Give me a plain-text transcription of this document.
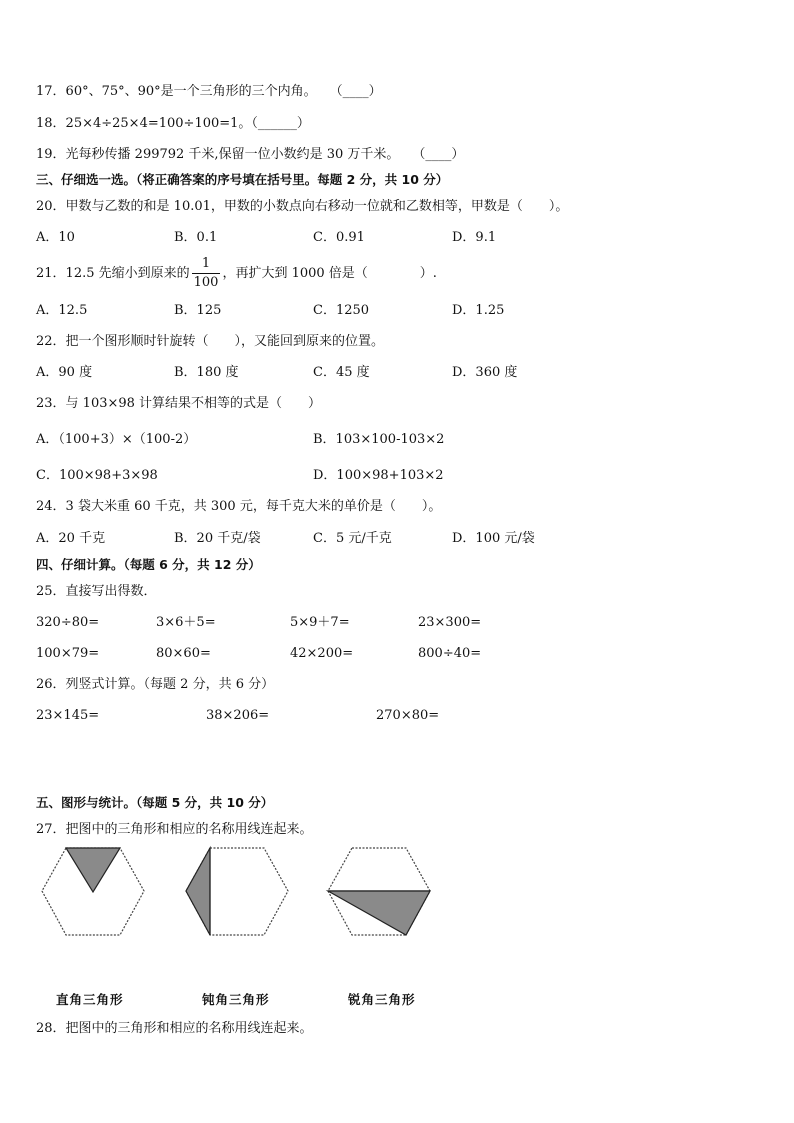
17．60°、75°、90°是一个三角形的三个内角。　　（____）
18．25×4÷25×4=100÷100=1。（______）
19．光每秒传播 299792 千米,保留一位小数约是 30 万千米。　　（____）
三、仔细选一选。（将正确答案的序号填在括号里。每题 2 分，共 10 分）
20．甲数与乙数的和是 10.01，甲数的小数点向右移动一位就和乙数相等，甲数是（　　）。
A．10	B．0.1	C．0.91	D．9.1
21．12.5 先缩小到原来的 $\frac{1}{100}$ ，再扩大到 1000 倍是（　　　　）.
A．12.5	B．125	C．1250	D．1.25
22．把一个图形顺时针旋转（　　），又能回到原来的位置。
A．90 度	B．180 度	C．45 度	D．360 度
23．与 103×98 计算结果不相等的式是（　　）
A．（100+3）×（100-2）	B．103×100-103×2
C．100×98+3×98	D．100×98+103×2
24．3 袋大米重 60 千克，共 300 元，每千克大米的单价是（　　）。
A．20 千克	B．20 千克/袋	C．5 元/千克	D．100 元/袋
四、仔细计算。（每题 6 分，共 12 分）
25．直接写出得数．
320÷80=	3×6＋5=	5×9＋7=	23×300=
100×79=	80×60=	42×200=	800÷40=
26．列竖式计算。（每题 2 分，共 6 分）
23×145=	38×206=	270×80=
五、图形与统计。（每题 5 分，共 10 分）
27．把图中的三角形和相应的名称用线连起来。
直角三角形	钝角三角形	锐角三角形
28．把图中的三角形和相应的名称用线连起来。
